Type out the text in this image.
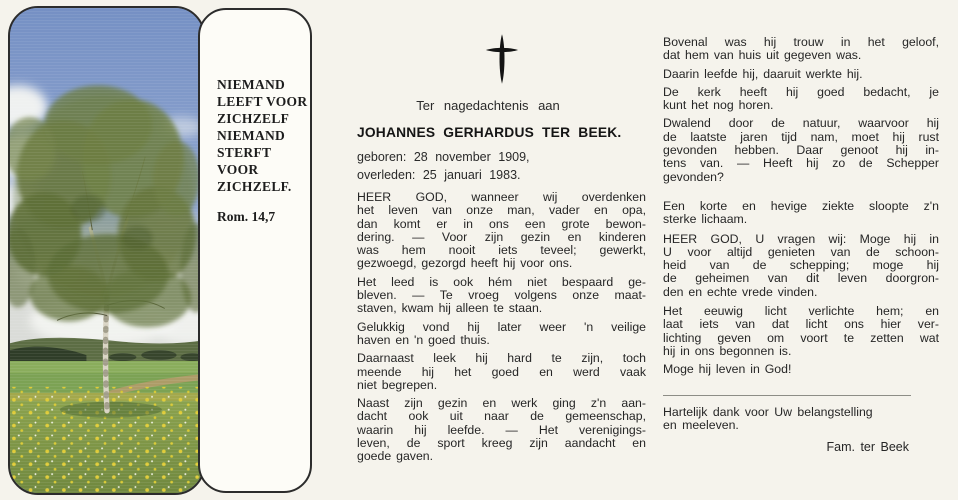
NIEMAND
LEEFT VOOR
ZICHZELF
NIEMAND
STERFT VOOR
ZICHZELF.
Rom. 14,7
Ter nagedachtenis aan
JOHANNES GERHARDUS TER BEEK.
geboren: 28 november 1909,
overleden: 25 januari 1983.
HEER GOD, wanneer wij overdenken
het leven van onze man, vader en opa,
dan komt er in ons een grote bewon-
dering. — Voor zijn gezin en kinderen
was hem nooit iets teveel; gewerkt,
gezwoegd, gezorgd heeft hij voor ons.
Het leed is ook hém niet bespaard ge-
bleven. — Te vroeg volgens onze maat-
staven, kwam hij alleen te staan.
Gelukkig vond hij later weer 'n veilige
haven en 'n goed thuis.
Daarnaast leek hij hard te zijn, toch
meende hij het goed en werd vaak
niet begrepen.
Naast zijn gezin en werk ging z'n aan-
dacht ook uit naar de gemeenschap,
waarin hij leefde. — Het verenigings-
leven, de sport kreeg zijn aandacht en
goede gaven.
Bovenal was hij trouw in het geloof,
dat hem van huis uit gegeven was.
Daarin leefde hij, daaruit werkte hij.
De kerk heeft hij goed bedacht, je
kunt het nog horen.
Dwalend door de natuur, waarvoor hij
de laatste jaren tijd nam, moet hij rust
gevonden hebben. Daar genoot hij in-
tens van. — Heeft hij zo de Schepper
gevonden?
Een korte en hevige ziekte sloopte z'n
sterke lichaam.
HEER GOD, U vragen wij: Moge hij in
U voor altijd genieten van de schoon-
heid van de schepping; moge hij
de geheimen van dit leven doorgron-
den en echte vrede vinden.
Het eeuwig licht verlichte hem; en
laat iets van dat licht ons hier ver-
lichting geven om voort te zetten wat
hij in ons begonnen is.
Moge hij leven in God!
Hartelijk dank voor Uw belangstelling
en meeleven.
Fam. ter Beek
